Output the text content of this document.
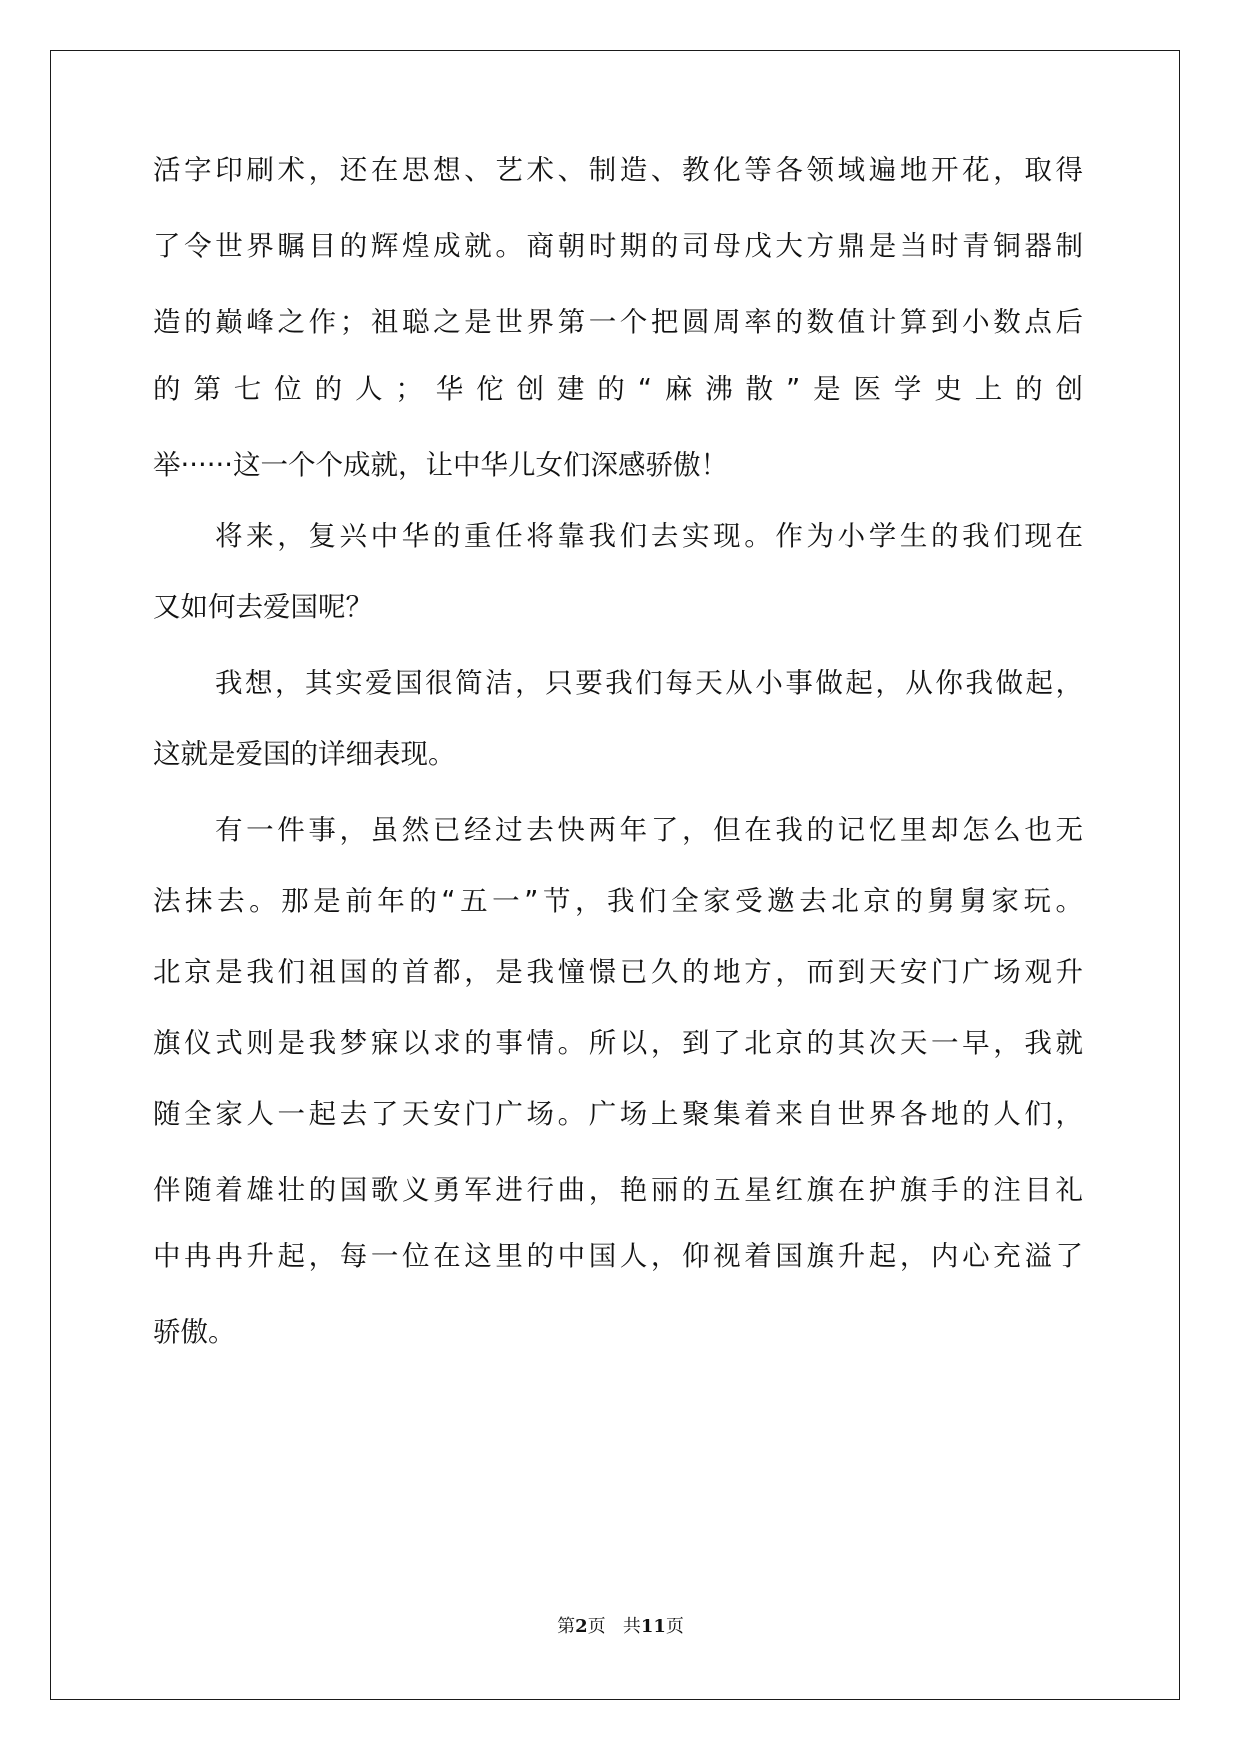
活字印刷术，还在思想、艺术、制造、教化等各领域遍地开花，取得
了令世界瞩目的辉煌成就。商朝时期的司母戊大方鼎是当时青铜器制
造的巅峰之作；祖聪之是世界第一个把圆周率的数值计算到小数点后
的第七位的人；华佗创建的“麻沸散”是医学史上的创
举······这一个个成就，让中华儿女们深感骄傲！
将来，复兴中华的重任将靠我们去实现。作为小学生的我们现在
又如何去爱国呢？
我想，其实爱国很简洁，只要我们每天从小事做起，从你我做起，
这就是爱国的详细表现。
有一件事，虽然已经过去快两年了，但在我的记忆里却怎么也无
法抹去。那是前年的“五一”节，我们全家受邀去北京的舅舅家玩。
北京是我们祖国的首都，是我憧憬已久的地方，而到天安门广场观升
旗仪式则是我梦寐以求的事情。所以，到了北京的其次天一早，我就
随全家人一起去了天安门广场。广场上聚集着来自世界各地的人们，
伴随着雄壮的国歌义勇军进行曲，艳丽的五星红旗在护旗手的注目礼
中冉冉升起，每一位在这里的中国人，仰视着国旗升起，内心充溢了
骄傲。
第2页 共11页
